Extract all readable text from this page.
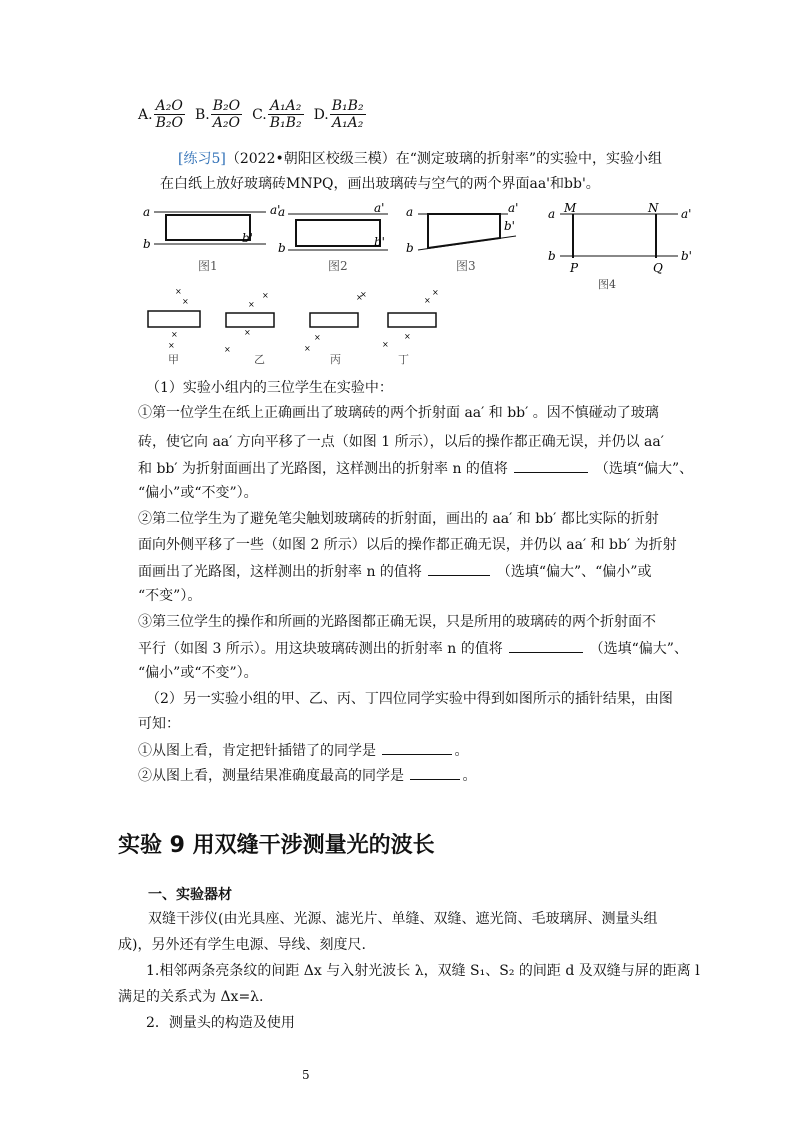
A. $\frac{\text{A₂O}}{\text{B₂O}} B$. $\frac{\text{B₂O}}{\text{A₂O}} C$. $\frac{\text{A₁A₂}}{\text{B₁B₂}} D$. $\frac{\text{B₁B₂}}{\text{A₁A₂}}$
[练习5]（2022•朝阳区校级三模）在“测定玻璃的折射率”的实验中，实验小组
在白纸上放好玻璃砖MNPQ，画出玻璃砖与空气的两个界面aa'和bb'。
a	a'
b	b'
图1
a	a'
b	b'
图2
a	a'
b
b'
图3
a	a'
M	N
b	b'
P	Q
图4
×
×
×
×
甲
×
×
×
×
乙
×
×
×
×
丙
×
×
×
×
丁
（1）实验小组内的三位学生在实验中：
①第一位学生在纸上正确画出了玻璃砖的两个折射面 aa′ 和 bb′ 。因不慎碰动了玻璃
砖，使它向 aa′ 方向平移了一点（如图 1 所示），以后的操作都正确无误，并仍以 aa′
和 bb′ 为折射面画出了光路图，这样测出的折射率 n 的值将	（选填“偏大”、
“偏小”或“不变”）。
②第二位学生为了避免笔尖触划玻璃砖的折射面，画出的 aa′ 和 bb′ 都比实际的折射
面向外侧平移了一些（如图 2 所示）以后的操作都正确无误，并仍以 aa′ 和 bb′ 为折射
面画出了光路图，这样测出的折射率 n 的值将	（选填“偏大”、“偏小”或
“不变”）。
③第三位学生的操作和所画的光路图都正确无误，只是所用的玻璃砖的两个折射面不
平行（如图 3 所示）。用这块玻璃砖测出的折射率 n 的值将	（选填“偏大”、
“偏小”或“不变”）。
（2）另一实验小组的甲、乙、丙、丁四位同学实验中得到如图所示的插针结果，由图
可知：
①从图上看，肯定把针插错了的同学是	。
②从图上看，测量结果准确度最高的同学是	。
实验 9 用双缝干涉测量光的波长
一、实验器材
双缝干涉仪(由光具座、光源、滤光片、单缝、双缝、遮光筒、毛玻璃屏、测量头组
成)，另外还有学生电源、导线、刻度尺.
1.相邻两条亮条纹的间距 Δx 与入射光波长 λ，双缝 S₁、S₂ 的间距 d 及双缝与屏的距离 l
满足的关系式为 Δx=λ.
2．测量头的构造及使用
5
